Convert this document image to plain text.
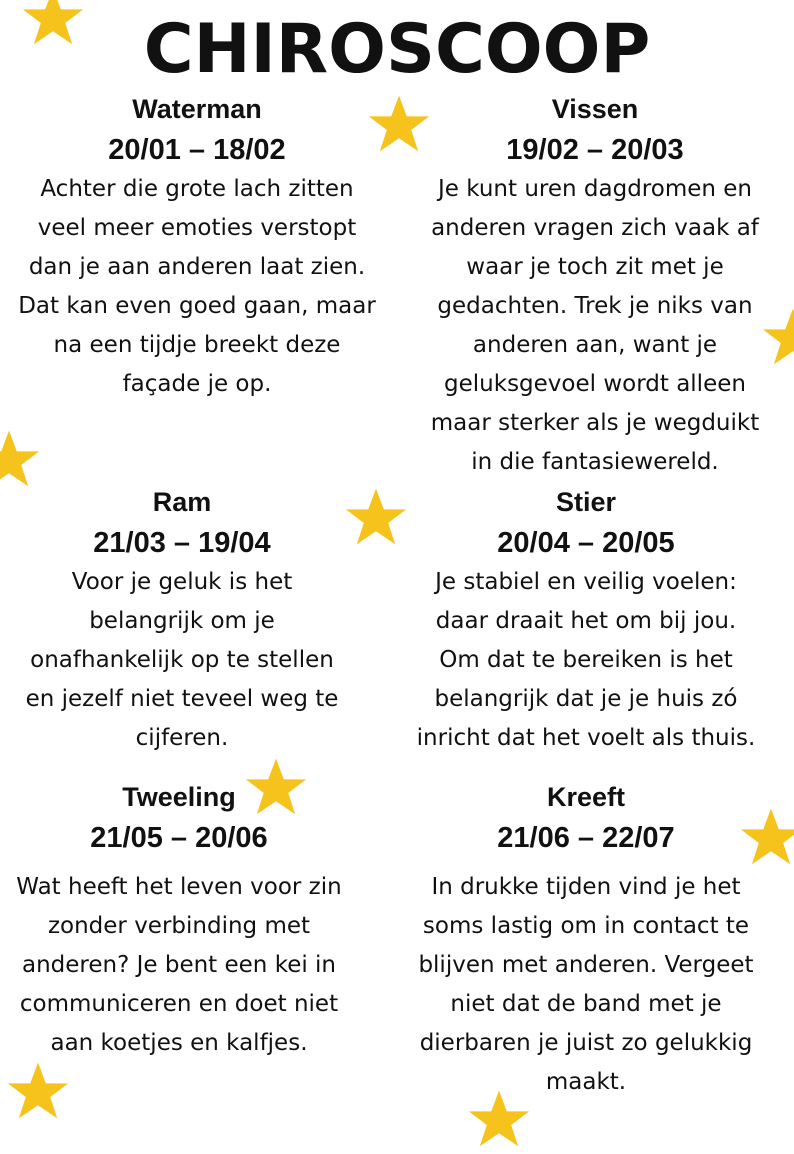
CHIROSCOOP

Waterman

20/01 – 18/02

Achter die grote lach zitten
veel meer emoties verstopt
dan je aan anderen laat zien.
Dat kan even goed gaan, maar
na een tijdje breekt deze
façade je op.

Vissen

19/02 – 20/03

Je kunt uren dagdromen en
anderen vragen zich vaak af
waar je toch zit met je
gedachten. Trek je niks van
anderen aan, want je
geluksgevoel wordt alleen
maar sterker als je wegduikt
in die fantasiewereld.

Ram

21/03 – 19/04

Voor je geluk is het
belangrijk om je
onafhankelijk op te stellen
en jezelf niet teveel weg te
cijferen.

Stier

20/04 – 20/05

Je stabiel en veilig voelen:
daar draait het om bij jou.
Om dat te bereiken is het
belangrijk dat je je huis zó
inricht dat het voelt als thuis.

Tweeling

21/05 – 20/06

Wat heeft het leven voor zin
zonder verbinding met
anderen? Je bent een kei in
communiceren en doet niet
aan koetjes en kalfjes.

Kreeft

21/06 – 22/07

In drukke tijden vind je het
soms lastig om in contact te
blijven met anderen. Vergeet
niet dat de band met je
dierbaren je juist zo gelukkig
maakt.
